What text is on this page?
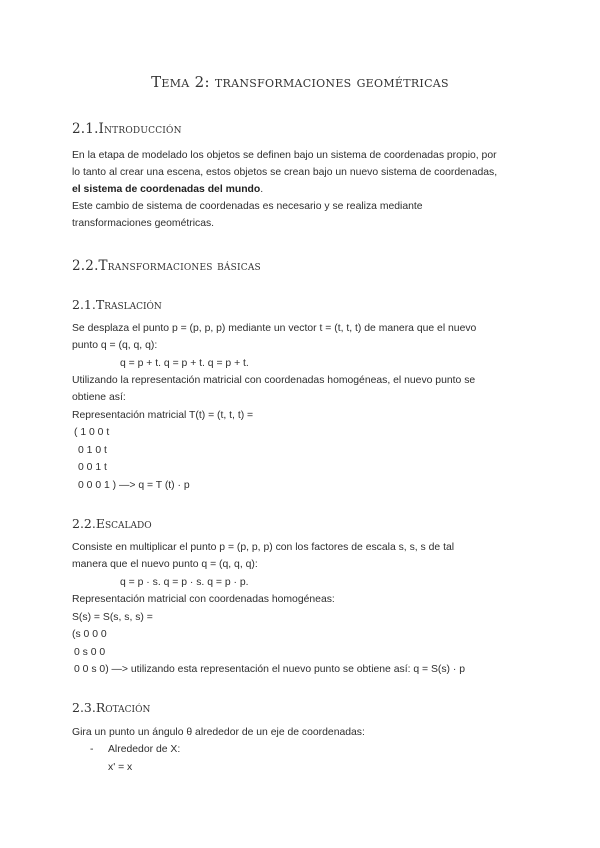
Tema 2: transformaciones geométricas
2.1.Introducción
En la etapa de modelado los objetos se definen bajo un sistema de coordenadas propio, por
lo tanto al crear una escena, estos objetos se crean bajo un nuevo sistema de coordenadas,
el sistema de coordenadas del mundo.
Este cambio de sistema de coordenadas es necesario y se realiza mediante
transformaciones geométricas.
2.2.Transformaciones básicas
2.1.Traslación
Se desplaza el punto p = (p, p, p) mediante un vector t = (t, t, t) de manera que el nuevo
punto q = (q, q, q):
q = p + t. q = p + t. q = p + t.
Utilizando la representación matricial con coordenadas homogéneas, el nuevo punto se
obtiene así:
Representación matricial T(t) = (t, t, t) =
( 1 0 0 t
0 1 0 t
0 0 1 t
0 0 0 1 ) —> q = T (t) · p
2.2.Escalado
Consiste en multiplicar el punto p = (p, p, p) con los factores de escala s, s, s de tal
manera que el nuevo punto q = (q, q, q):
q = p · s. q = p · s. q = p · p.
Representación matricial con coordenadas homogéneas:
S(s) = S(s, s, s) =
(s 0 0 0
0 s 0 0
0 0 s 0) —> utilizando esta representación el nuevo punto se obtiene así: q = S(s) · p
2.3.Rotación
Gira un punto un ángulo θ alrededor de un eje de coordenadas:
- Alrededor de X:
x' = x
